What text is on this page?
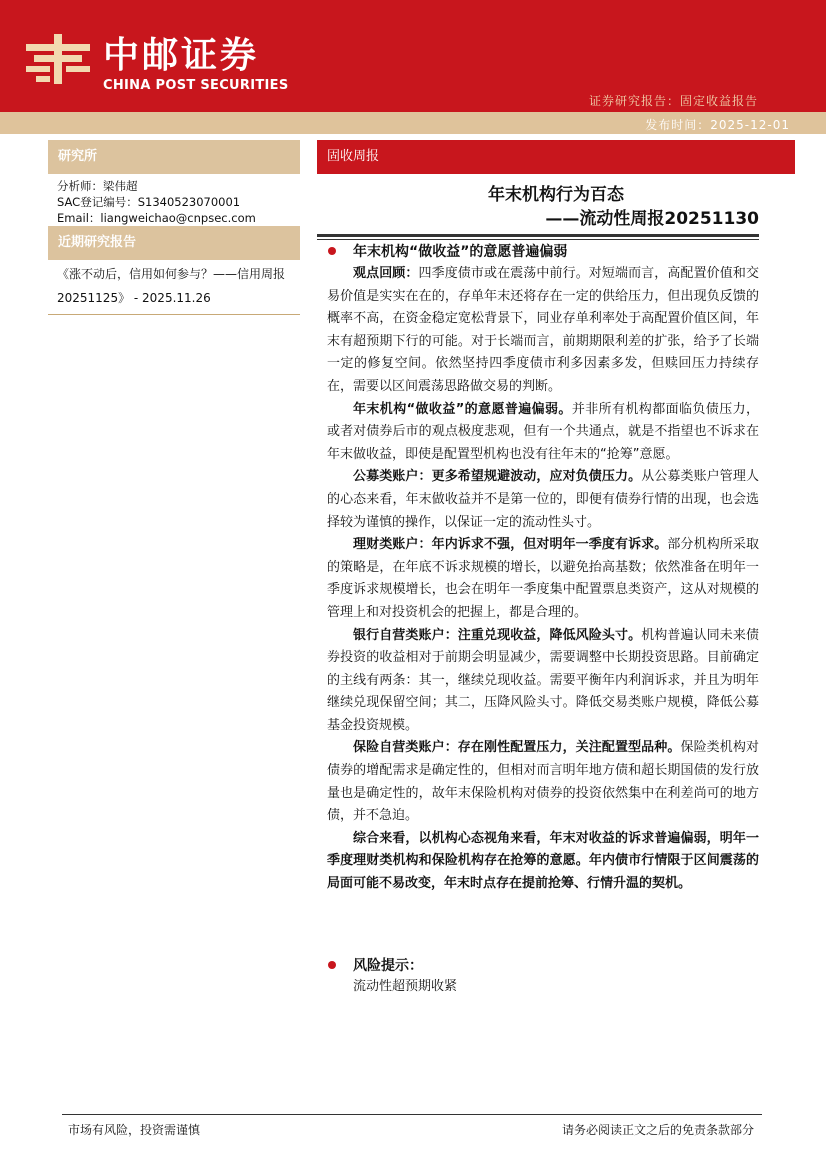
中邮证券
CHINA POST SECURITIES
证券研究报告：固定收益报告
发布时间：2025-12-01
研究所
分析师：梁伟超
SAC登记编号：S1340523070001
Email：liangweichao@cnpsec.com
近期研究报告
《涨不动后，信用如何参与？——信用周报20251125》 - 2025.11.26
固收周报
年末机构行为百态
——流动性周报20251130
年末机构“做收益”的意愿普遍偏弱

观点回顾：四季度债市或在震荡中前行。对短端而言，高配置价值和交易价值是实实在在的，存单年末还将存在一定的供给压力，但出现负反馈的概率不高，在资金稳定宽松背景下，同业存单利率处于高配置价值区间，年末有超预期下行的可能。对于长端而言，前期期限利差的扩张，给予了长端一定的修复空间。依然坚持四季度债市利多因素多发，但赎回压力持续存在，需要以区间震荡思路做交易的判断。

年末机构“做收益”的意愿普遍偏弱。并非所有机构都面临负债压力，或者对债券后市的观点极度悲观，但有一个共通点，就是不指望也不诉求在年末做收益，即使是配置型机构也没有往年末的“抢筹”意愿。

公募类账户：更多希望规避波动，应对负债压力。从公募类账户管理人的心态来看，年末做收益并不是第一位的，即便有债券行情的出现，也会选择较为谨慎的操作，以保证一定的流动性头寸。

理财类账户：年内诉求不强，但对明年一季度有诉求。部分机构所采取的策略是，在年底不诉求规模的增长，以避免抬高基数；依然准备在明年一季度诉求规模增长，也会在明年一季度集中配置票息类资产，这从对规模的管理上和对投资机会的把握上，都是合理的。

银行自营类账户：注重兑现收益，降低风险头寸。机构普遍认同未来债券投资的收益相对于前期会明显减少，需要调整中长期投资思路。目前确定的主线有两条：其一，继续兑现收益。需要平衡年内利润诉求，并且为明年继续兑现保留空间；其二，压降风险头寸。降低交易类账户规模，降低公募基金投资规模。

保险自营类账户：存在刚性配置压力，关注配置型品种。保险类机构对债券的增配需求是确定性的，但相对而言明年地方债和超长期国债的发行放量也是确定性的，故年末保险机构对债券的投资依然集中在利差尚可的地方债，并不急迫。

综合来看，以机构心态视角来看，年末对收益的诉求普遍偏弱，明年一季度理财类机构和保险机构存在抢筹的意愿。年内债市行情限于区间震荡的局面可能不易改变，年末时点存在提前抢筹、行情升温的契机。

风险提示：
流动性超预期收紧
市场有风险，投资需谨慎	请务必阅读正文之后的免责条款部分
